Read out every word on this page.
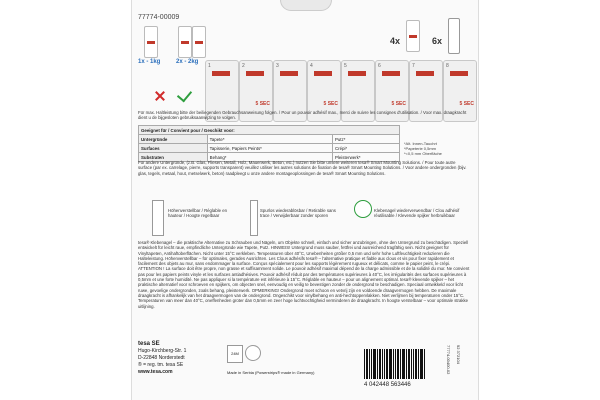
77774-00009
1x - 1kg	2x - 2kg
4x	6x
1	2
5 SEC
3	4
5 SEC
5	6
5 SEC
7	8
5 SEC
Für max. Haltleistung bitte der beiliegenden Gebrauchsanweisung folgen. / Pour un pouvoir adhésif max., merci de suivre les consignes d'utilisation. / Voor max. draagkracht dient u de bijgesloten gebruiksaanwijzing te volgen.
Geeignet für / Convient pour / Geschikt voor:		
Untergründe	Tapete*	Putz*
Surfaces	Tapisserie, Papiers Peints*	Crépi*
Substraten	Behang*	Pleisterwerk*
*Alt. Innen-Tauchrt
*Papeterie 0,5mm
*<0,5 mm Oberfläche
Für andere Untergründe, (z.B. Glas, Fliesen, Metall, Holz, Mauerwerk, Beton, etc.) nutzen Sie bitte unsere weiteren tesa® Smart Mounting Solutions. / Pour toute autre surface (par ex. carrelage, pierre, supports transparent) veuillez utiliser les autres solutions de fixation de tesa® Smart Mounting Solutions. / Voor andere ondergronden (bijv. glas, tegels, metaal, hout, metselwerk, beton) raadpleegt u onze andere montageoplossingen de tesa® Smart Mounting Solutions.
Höhenverstellbar / Réglable en hauteur / Hoogte regelbaar
Spurlos wiederablösbar / Retirable sans trace / Verwijderbaar zonder sporen
Klebenagel wiederverwendbar / Clou adhésif réutilisable / Klevende spijker herbruikbaar
tesa® Klebenagel – die praktische Alternative zu Schrauben und Nägeln, um Objekte schnell, einfach und sicher anzubringen, ohne den Untergrund zu beschädigen. Speziell entwickelt für leicht raue, empfindliche Untergründe wie Tapete, Putz. HINWEIS! Untergrund muss sauber, fettfrei und ausreichend tragfähig sein. Nicht geeignet für Vinyltapeten, Antihaftoberflächen. Nicht unter 15°C verkleben. Temperaturen über 40°C, Unebenheiten größer 0,5 mm und sehr hohe Luftfeuchtigkeit reduzieren die Halteleistung. Höhenverstellbar – für optimales, gerades Ausrichten. Les Clous adhésifs tesa® – l'alternative pratique et fiable aux clous et vis pour fixer rapidement et facilement des objets au mur, sans endommager la surface. Conçus spécialement pour les supports légèrement rugueux et délicats, comme le papier peint, le crépi. ATTENTION ! La surface doit être propre, non grasse et suffisamment solide. Le pouvoir adhésif maximal dépend de la charge admissible et de la solidité du mur. Ne convient pas pour les papiers peints vinyle et les surfaces antiadhésives. Pouvoir adhésif réduit par des températures supérieures à 40°C, les irrégularités des surfaces supérieures à 0,5mm et une forte humidité. Ne pas appliquer si la température est inférieure à 15°C. Réglable en hauteur – pour un alignement optimal. tesa® klevende spijker – het praktische alternatief voor schroeven en spijkers, om objecten snel, eenvoudig en veilig te bevestigen zonder de ondergrond te beschadigen. Speciaal ontwikkeld voor licht ruwe, gevoelige ondergronden, zoals behang, pleisterwerk. OPMERKING! Ondergrond moet schoon en vetvrij zijn en voldoende draagvermogen hebben. De maximale draagkracht is afhankelijk van het draagvermogen van de ondergrond. Ongeschikt voor vinylbehang en anti-hechtoppervlakken. Niet verlijmen bij temperaturen onder 15°C. Temperaturen van meer dan 40°C, oneffenheden groter dan 0,5mm en zeer hoge luchtvochtigheid verminderen de draagkracht. In hoogte verstelbaar – voor optimale strakke uitlijning.
tesa SE
Hugo-Kirchberg-Str. 1
D-22848 Norderstedt
® = reg. tm. tesa SE
www.tesa.com
24M
Made in Serbia (Powerstrips® made in Germany)
4 042448 563446
77774-00400-02 92 372104
